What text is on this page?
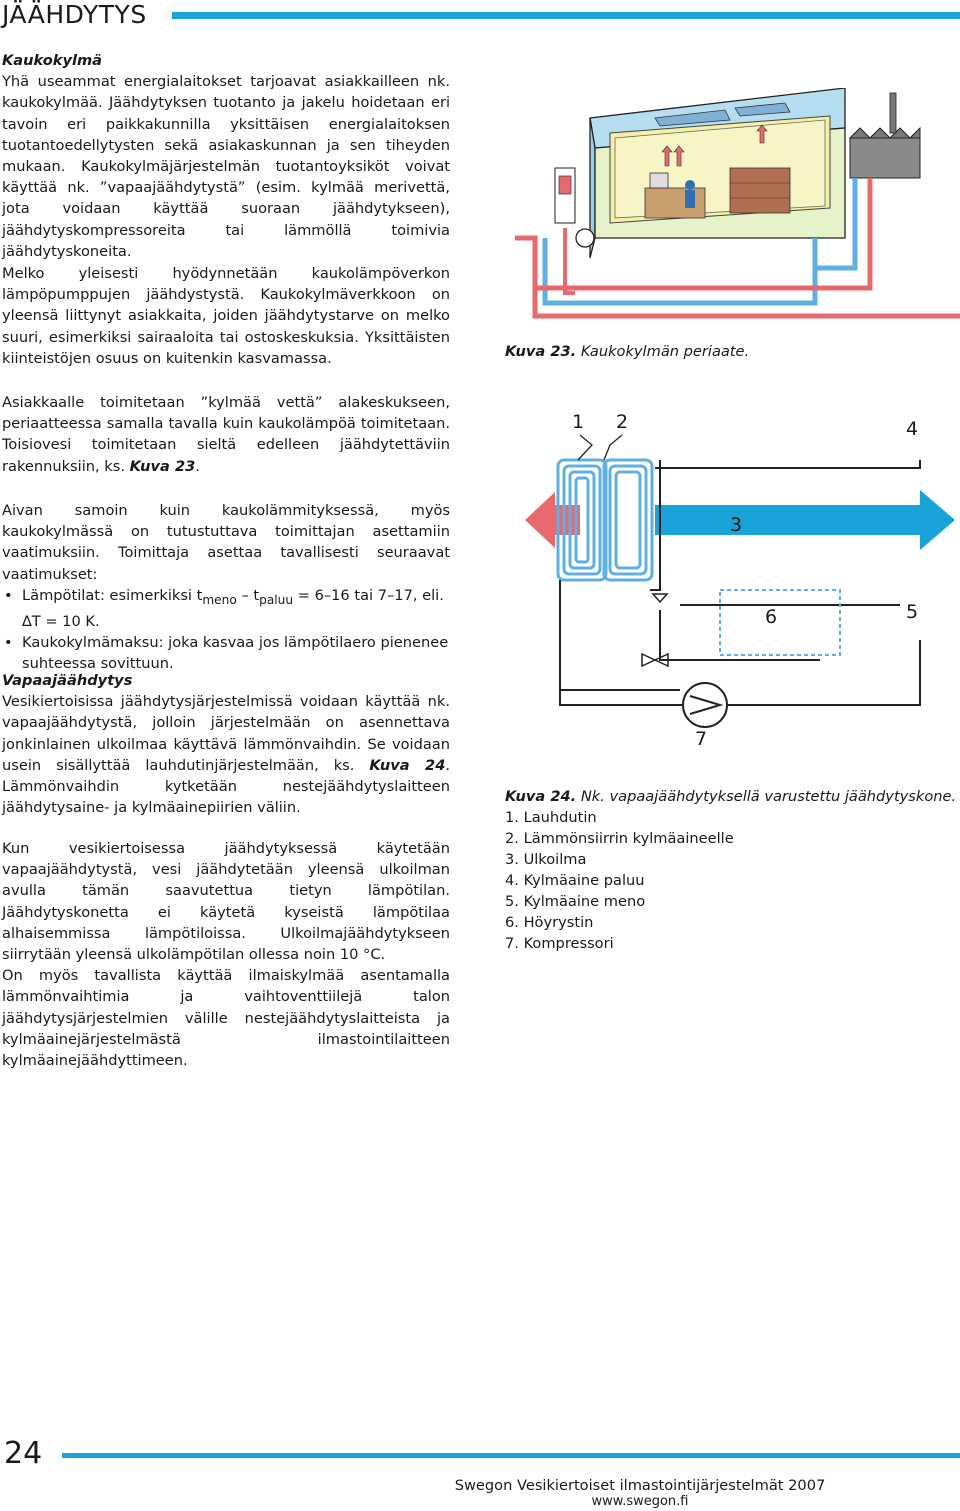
JÄÄHDYTYS
Kaukokylmä

Yhä useammat energialaitokset tarjoavat asiakkailleen nk. kaukokylmää. Jäähdytyksen tuotanto ja jakelu hoidetaan eri tavoin eri paikkakunnilla yksittäisen energialaitoksen tuotantoedellytysten sekä asiakaskunnan ja sen tiheyden mukaan. Kaukokylmäjärjestelmän tuotantoyksiköt voivat käyttää nk. ”vapaajäähdytystä” (esim. kylmää merivettä, jota voidaan käyttää suoraan jäähdytykseen), jäähdytyskompressoreita tai lämmöllä toimivia jäähdytyskoneita.

Melko yleisesti hyödynnetään kaukolämpöverkon lämpöpumppujen jäähdystystä. Kaukokylmäverkkoon on yleensä liittynyt asiakkaita, joiden jäähdytystarve on melko suuri, esimerkiksi sairaaloita tai ostoskeskuksia. Yksittäisten kiinteistöjen osuus on kuitenkin kasvamassa.

Asiakkaalle toimitetaan ”kylmää vettä” alakeskukseen, periaatteessa samalla tavalla kuin kaukolämpöä toimitetaan. Toisiovesi toimitetaan sieltä edelleen jäähdytettäviin rakennuksiin, ks. Kuva 23.

Aivan samoin kuin kaukolämmityksessä, myös kaukokylmässä on tutustuttava toimittajan asettamiin vaatimuksiin. Toimittaja asettaa tavallisesti seuraavat vaatimukset:

• Lämpötilat: esimerkiksi $t_{meno} - t_{paluu} = 6-16$ tai 7–17, eli.
∆T = 10 K.
• Kaukokylmämaksu: joka kasvaa jos lämpötilaero pienenee suhteessa sovittuun.
Vapaajäähdytys

Vesikiertoisissa jäähdytysjärjestelmissä voidaan käyttää nk. vapaajäähdytystä, jolloin järjestelmään on asennettava jonkinlainen ulkoilmaa käyttävä lämmönvaihdin. Se voidaan usein sisällyttää lauhdutinjärjestelmään, ks. Kuva 24. Lämmönvaihdin kytketään nestejäähdytyslaitteen jäähdytysaine- ja kylmäainepiirien väliin.

Kun vesikiertoisessa jäähdytyksessä käytetään vapaajäähdytystä, vesi jäähdytetään yleensä ulkoilman avulla tämän saavutettua tietyn lämpötilan. Jäähdytyskonetta ei käytetä kyseistä lämpötilaa alhaisemmissa lämpötiloissa. Ulkoilmajäähdytykseen siirrytään yleensä ulkolämpötilan ollessa noin 10 °C.

On myös tavallista käyttää ilmaiskylmää asentamalla lämmönvaihtimia ja vaihtoventtiilejä talon jäähdytysjärjestelmien välille nestejäähdytyslaitteista ja kylmäainejärjestelmästä ilmastointilaitteen kylmäainejäähdyttimeen.

Kuva 23. Kaukokylmän periaate.
1 2
3
4
5
6
7
Kuva 24. Nk. vapaajäähdytyksellä varustettu jäähdytyskone.
1. Lauhdutin
2. Lämmönsiirrin kylmäaineelle
3. Ulkoilma
4. Kylmäaine paluu
5. Kylmäaine meno
6. Höyrystin
7. Kompressori
24
Swegon Vesikiertoiset ilmastointijärjestelmät 2007
www.swegon.fi
